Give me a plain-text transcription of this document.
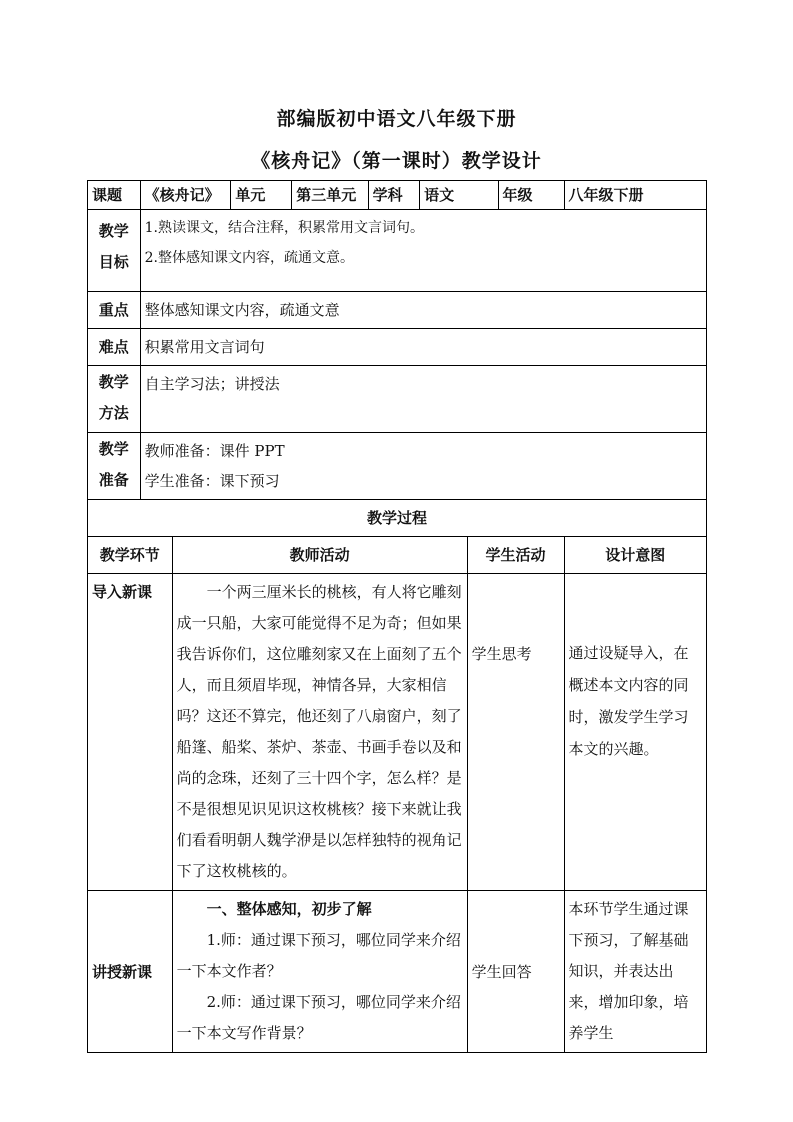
部编版初中语文八年级下册
《核舟记》（第一课时）教学设计
课题	《核舟记》		单元	第三单元	学科	语文		年级	八年级下册

教学
目标	1.熟读课文，结合注释，积累常用文言词句。
2.整体感知课文内容，疏通文意。								

重点	整体感知课文内容，疏通文意								
难点	积累常用文言词句								

教学
方法	自主学习法；讲授法								

教学
准备	教师准备：课件 PPT
学生准备：课下预习								

教学过程									
教学环节		教师活动					学生活动		设计意图
导入新课		一个两三厘米长的桃核，有人将它雕刻成一只船，大家可能觉得不足为奇；但如果我告诉你们，这位雕刻家又在上面刻了五个人，而且须眉毕现，神情各异，大家相信吗？这还不算完，他还刻了八扇窗户，刻了船篷、船桨、茶炉、茶壶、书画手卷以及和尚的念珠，还刻了三十四个字，怎么样？是不是很想见识见识这枚桃核？接下来就让我们看看明朝人魏学洢是以怎样独特的视角记下了这枚桃核的。					学生思考		通过设疑导入，在概述本文内容的同时，激发学生学习本文的兴趣。
讲授新课		一、整体感知，初步了解
1.师：通过课下预习，哪位同学来介绍一下本文作者？
2.师：通过课下预习，哪位同学来介绍一下本文写作背景？					学生回答		本环节学生通过课下预习，了解基础知识，并表达出来，增加印象，培养学生
